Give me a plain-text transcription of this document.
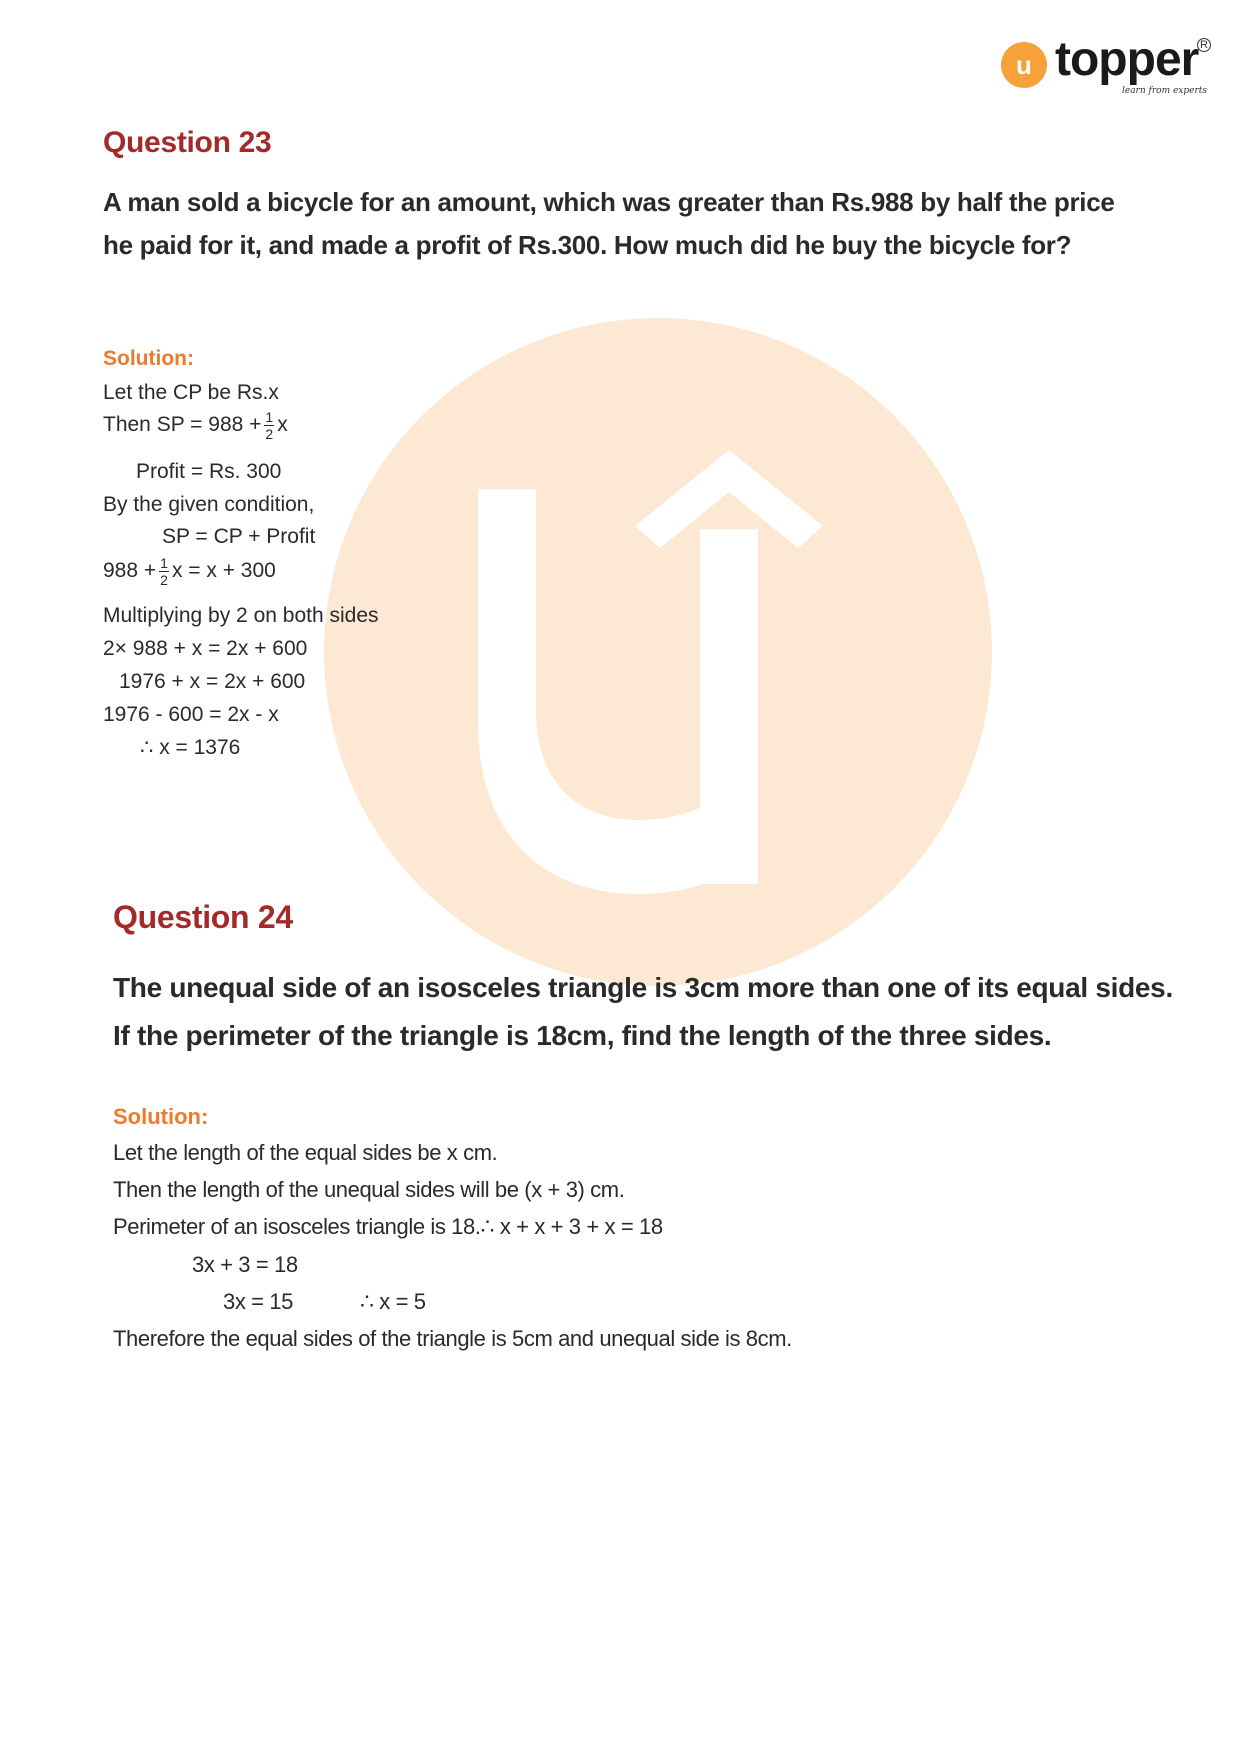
u topper R
learn from experts
Question 23
A man sold a bicycle for an amount, which was greater than Rs.988 by half the price he paid for it, and made a profit of Rs.300. How much did he buy the bicycle for?
Solution:
Let the CP be Rs.x
Then SP = $988 + \frac{1}{2}$ x
Profit = Rs. 300
By the given condition,
SP = CP + Profit
$988 + \frac{1}{2}$ x = x + 300
Multiplying by 2 on both sides
2× 988 + x = 2x + 600
1976 + x = 2x + 600
1976 - 600 = 2x - x
∴ x = 1376
Question 24
The unequal side of an isosceles triangle is 3cm more than one of its equal sides. If the perimeter of the triangle is 18cm, find the length of the three sides.
Solution:
Let the length of the equal sides be x cm.
Then the length of the unequal sides will be (x + 3) cm.
Perimeter of an isosceles triangle is 18.∴ x + x + 3 + x = 18
3x + 3 = 18
3x = 15	∴ x = 5
Therefore the equal sides of the triangle is 5cm and unequal side is 8cm.
